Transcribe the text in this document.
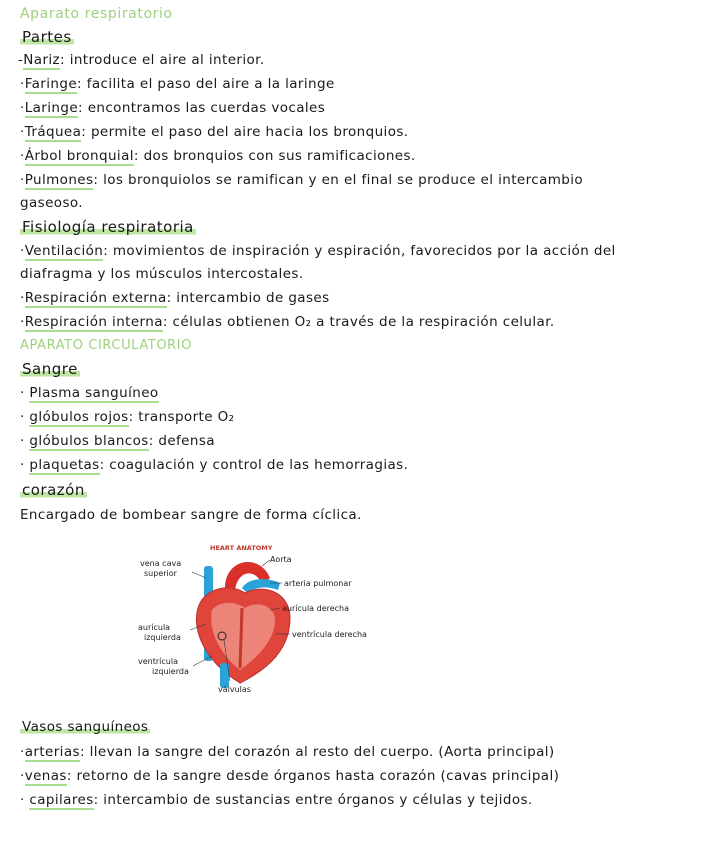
Aparato respiratorio
Partes
-Nariz: introduce el aire al interior.
·Faringe: facilita el paso del aire a la laringe
·Laringe: encontramos las cuerdas vocales
·Tráquea: permite el paso del aire hacia los bronquios.
·Árbol bronquial: dos bronquios con sus ramificaciones.
·Pulmones: los bronquiolos se ramifican y en el final se produce el intercambio
gaseoso.
Fisiología respiratoria
·Ventilación: movimientos de inspiración y espiración, favorecidos por la acción del
diafragma y los músculos intercostales.
·Respiración externa: intercambio de gases
·Respiración interna: células obtienen O₂ a través de la respiración celular.
APARATO CIRCULATORIO
Sangre
· Plasma sanguíneo
· glóbulos rojos: transporte O₂
· glóbulos blancos: defensa
· plaquetas: coagulación y control de las hemorragias.
corazón
Encargado de bombear sangre de forma cíclica.
HEART ANATOMY
vena cava
superior
Aorta
arteria pulmonar
aurícula derecha
aurícula
izquierda	ventrícula derecha
ventrícula
izquierda
válvulas
Vasos sanguíneos
·arterias: llevan la sangre del corazón al resto del cuerpo. (Aorta principal)
·venas: retorno de la sangre desde órganos hasta corazón (cavas principal)
· capilares: intercambio de sustancias entre órganos y células y tejidos.
